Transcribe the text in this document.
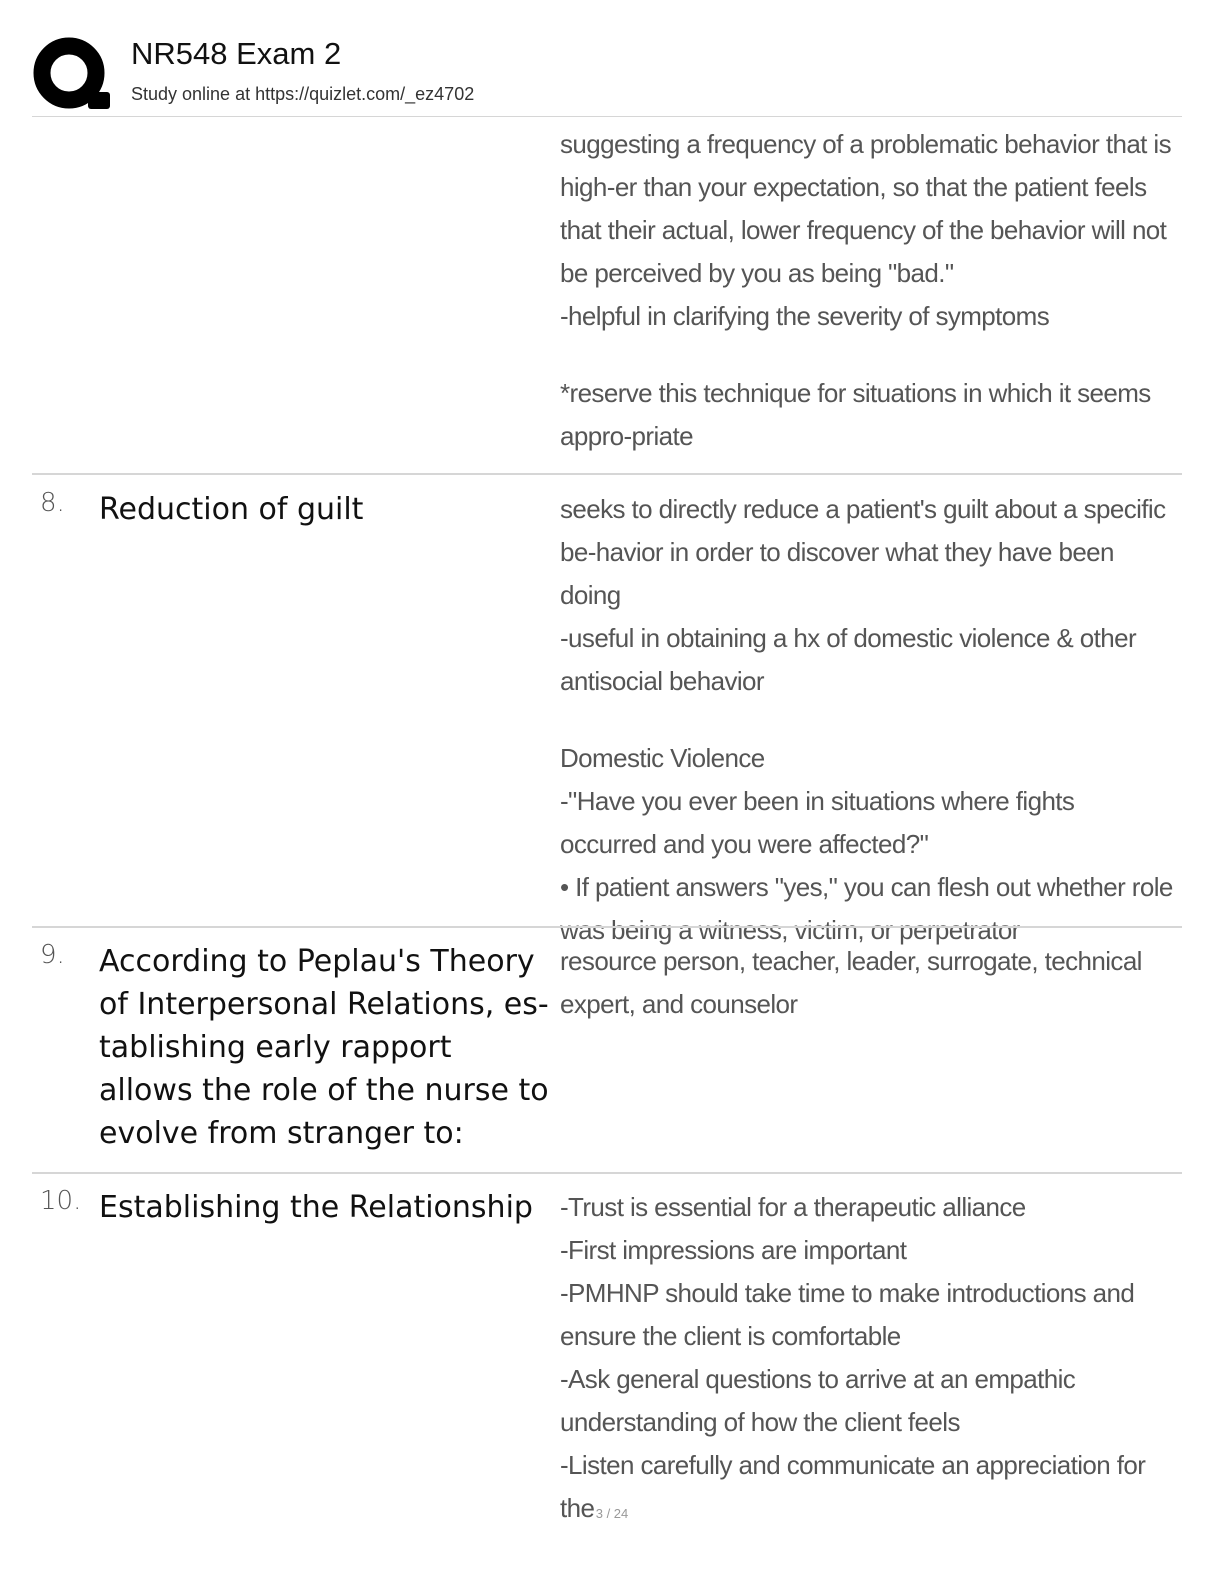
NR548 Exam 2
Study online at https://quizlet.com/_ez4702

suggesting a frequency of a problematic behavior that is high-er than your expectation, so that the patient feels that their actual, lower frequency of the behavior will not be perceived by you as being "bad."

-helpful in clarifying the severity of symptoms

*reserve this technique for situations in which it seems appro-priate

8. Reduction of guilt	seeks to directly reduce a patient's guilt about a specific be-havior in order to discover what they have been doing

-useful in obtaining a hx of domestic violence & other antisocial behavior

Domestic Violence

-"Have you ever been in situations where fights occurred and you were affected?"

• If patient answers "yes," you can flesh out whether role was being a witness, victim, or perpetrator

9. According to Peplau's Theory of Interpersonal Relations, es-tablishing early rapport allows the role of the nurse to evolve from stranger to:

resource person, teacher, leader, surrogate, technical expert, and counselor

10. Establishing the Relationship	-Trust is essential for a therapeutic alliance

-First impressions are important

-PMHNP should take time to make introductions and ensure the client is comfortable

-Ask general questions to arrive at an empathic understanding of how the client feels

-Listen carefully and communicate an appreciation for the 3 / 24
